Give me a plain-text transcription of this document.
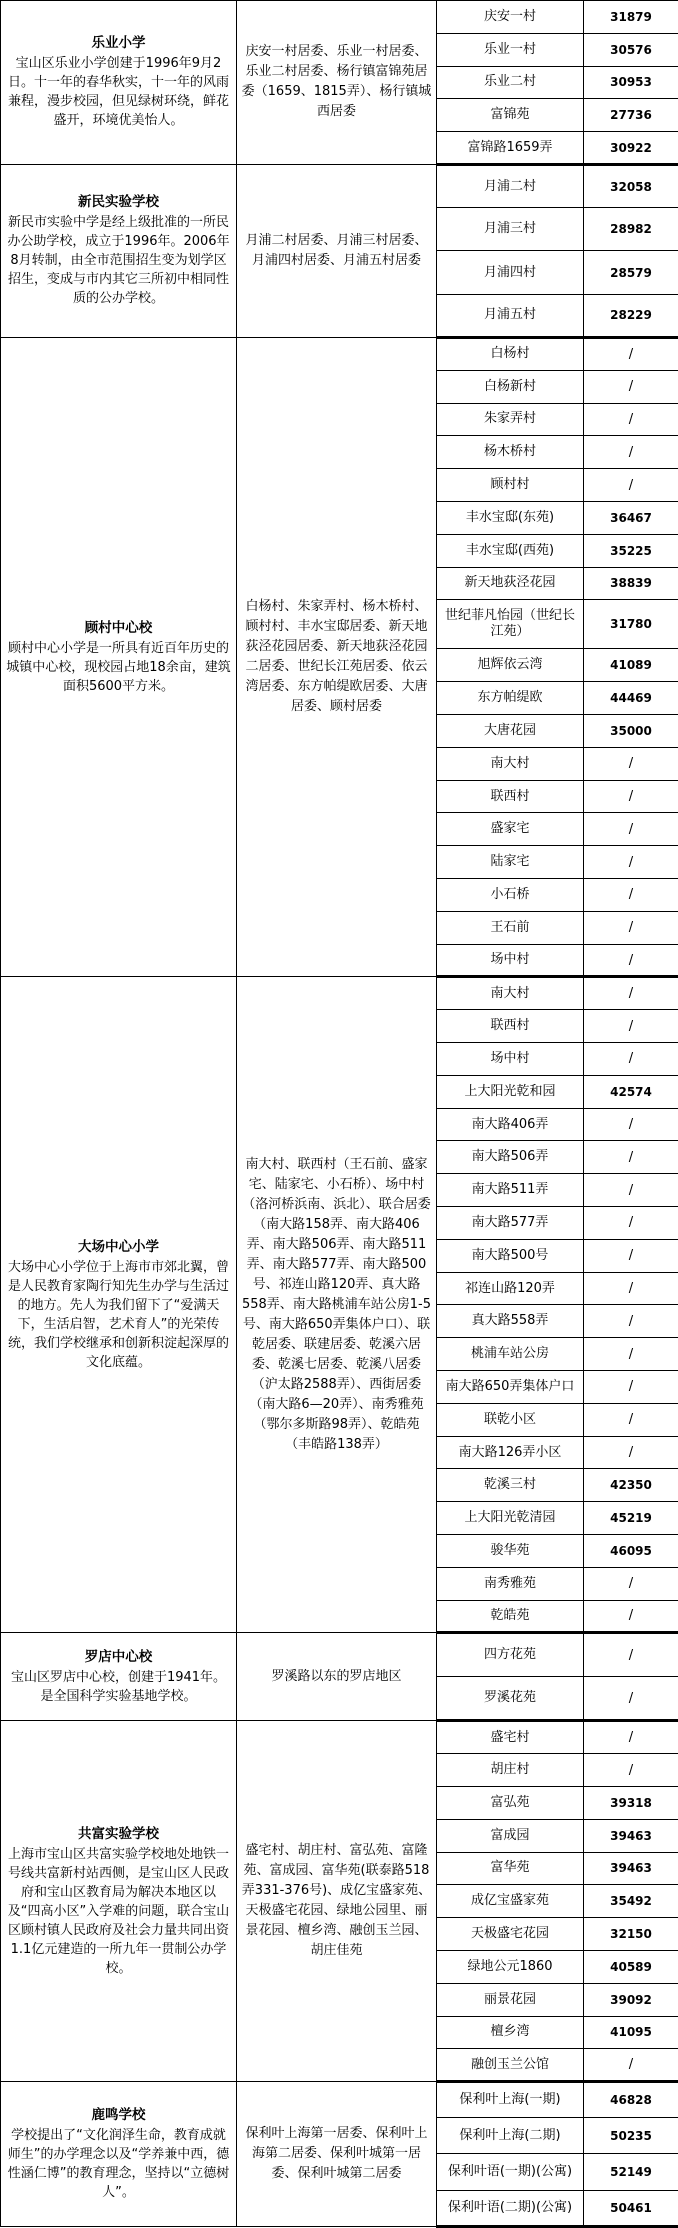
乐业小学
宝山区乐业小学创建于1996年9月2日。十一年的春华秋实，十一年的风雨兼程，漫步校园，但见绿树环绕，鲜花盛开，环境优美怡人。	庆安一村居委、乐业一村居委、乐业二村居委、杨行镇富锦苑居委（1659、1815弄）、杨行镇城西居委	庆安一村	31879
		乐业一村	30576
		乐业二村	30953
		富锦苑	27736
		富锦路1659弄	30922

新民实验学校
新民市实验中学是经上级批准的一所民办公助学校，成立于1996年。2006年8月转制，由全市范围招生变为划学区招生，变成与市内其它三所初中相同性质的公办学校。	月浦二村居委、月浦三村居委、月浦四村居委、月浦五村居委	月浦二村	32058
		月浦三村	28982
		月浦四村	28579
		月浦五村	28229

顾村中心校
顾村中心小学是一所具有近百年历史的城镇中心校，现校园占地18余亩，建筑面积5600平方米。	白杨村、朱家弄村、杨木桥村、顾村村、丰水宝邸居委、新天地荻泾花园居委、新天地荻泾花园二居委、世纪长江苑居委、依云湾居委、东方帕缇欧居委、大唐居委、顾村居委	白杨村	/
		白杨新村	/
		朱家弄村	/
		杨木桥村	/
		顾村村	/
		丰水宝邸(东苑)	36467
		丰水宝邸(西苑)	35225
		新天地荻泾花园	38839
		世纪菲凡怡园（世纪长江苑）	31780
		旭辉依云湾	41089
		东方帕缇欧	44469
		大唐花园	35000
		南大村	/
		联西村	/
		盛家宅	/
		陆家宅	/
		小石桥	/
		王石前	/
		场中村	/

大场中心小学
大场中心小学位于上海市市郊北翼，曾是人民教育家陶行知先生办学与生活过的地方。先人为我们留下了“爱满天下，生活启智，艺术育人”的光荣传统，我们学校继承和创新积淀起深厚的文化底蕴。	南大村、联西村（王石前、盛家宅、陆家宅、小石桥）、场中村（洛河桥浜南、浜北）、联合居委（南大路158弄、南大路406弄、南大路506弄、南大路511弄、南大路577弄、南大路500号、祁连山路120弄、真大路558弄、南大路桃浦车站公房1-5号、南大路650弄集体户口）、联乾居委、联建居委、乾溪六居委、乾溪七居委、乾溪八居委（沪太路2588弄）、西街居委（南大路6—20弄）、南秀雅苑（鄂尔多斯路98弄）、乾皓苑（丰皓路138弄）	南大村	/
		联西村	/
		场中村	/
		上大阳光乾和园	42574
		南大路406弄	/
		南大路506弄	/
		南大路511弄	/
		南大路577弄	/
		南大路500号	/
		祁连山路120弄	/
		真大路558弄	/
		桃浦车站公房	/
		南大路650弄集体户口	/
		联乾小区	/
		南大路126弄小区	/
		乾溪三村	42350
		上大阳光乾清园	45219
		骏华苑	46095
		南秀雅苑	/
		乾皓苑	/

罗店中心校
宝山区罗店中心校，创建于1941年。是全国科学实验基地学校。	罗溪路以东的罗店地区	四方花苑	/
		罗溪花苑	/

共富实验学校
上海市宝山区共富实验学校地处地铁一号线共富新村站西侧，是宝山区人民政府和宝山区教育局为解决本地区以及“四高小区”入学难的问题，联合宝山区顾村镇人民政府及社会力量共同出资1.1亿元建造的一所九年一贯制公办学校。	盛宅村、胡庄村、富弘苑、富隆苑、富成园、富华苑(联泰路518弄331-376号)、成亿宝盛家苑、天极盛宅花园、绿地公园里、丽景花园、檀乡湾、融创玉兰园、胡庄佳苑	盛宅村	/
		胡庄村	/
		富弘苑	39318
		富成园	39463
		富华苑	39463
		成亿宝盛家苑	35492
		天极盛宅花园	32150
		绿地公元1860	40589
		丽景花园	39092
		檀乡湾	41095
		融创玉兰公馆	/

鹿鸣学校
学校提出了“文化润泽生命，教育成就师生”的办学理念以及“学养兼中西，德性涵仁博”的教育理念，坚持以“立德树人”。	保利叶上海第一居委、保利叶上海第二居委、保利叶城第一居委、保利叶城第二居委	保利叶上海(一期)	46828
		保利叶上海(二期)	50235
		保利叶语(一期)(公寓)	52149
		保利叶语(二期)(公寓)	50461
